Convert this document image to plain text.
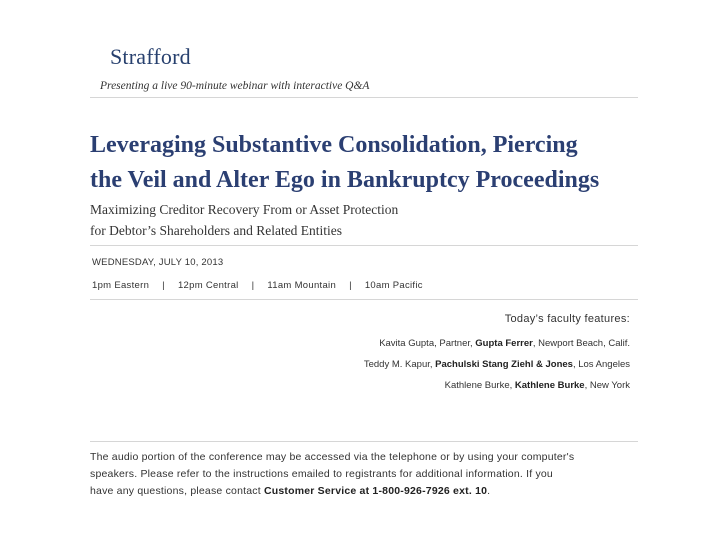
Strafford
Presenting a live 90-minute webinar with interactive Q&A
Leveraging Substantive Consolidation, Piercing
the Veil and Alter Ego in Bankruptcy Proceedings
Maximizing Creditor Recovery From or Asset Protection
for Debtor’s Shareholders and Related Entities
WEDNESDAY, JULY 10, 2013
1pm Eastern	|	12pm Central	|	11am Mountain	|	10am Pacific
Today’s faculty features:
Kavita Gupta, Partner, Gupta Ferrer, Newport Beach, Calif.
Teddy M. Kapur, Pachulski Stang Ziehl & Jones, Los Angeles
Kathlene Burke, Kathlene Burke, New York
The audio portion of the conference may be accessed via the telephone or by using your computer's
speakers. Please refer to the instructions emailed to registrants for additional information. If you
have any questions, please contact Customer Service at 1-800-926-7926 ext. 10.
